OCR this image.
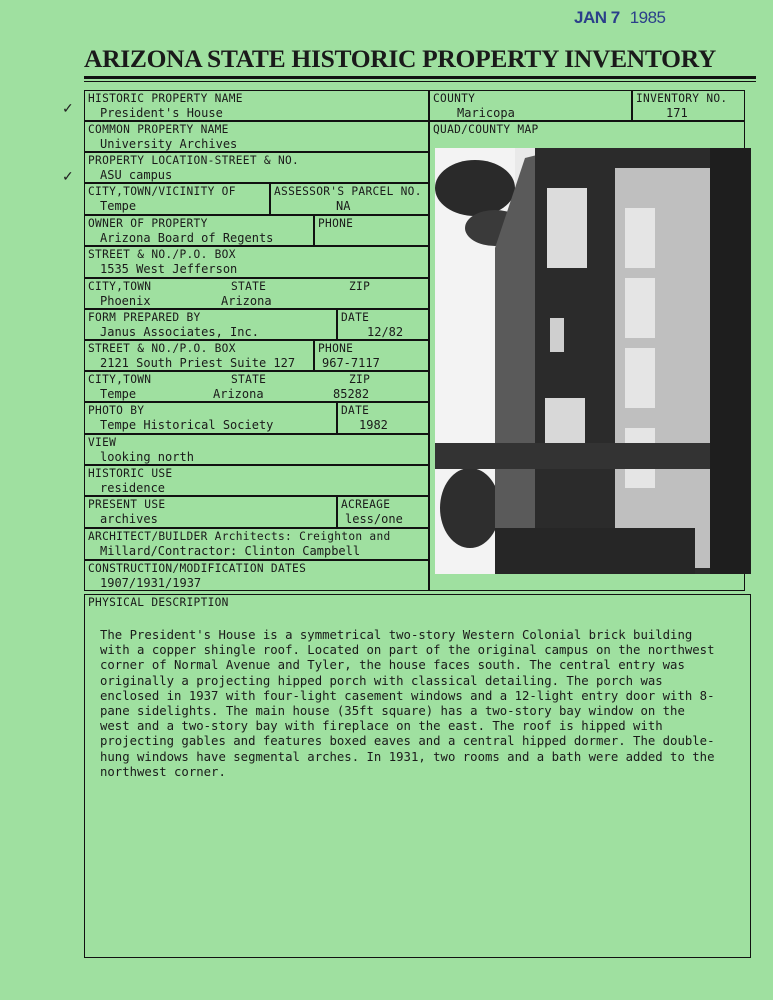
JAN 7 1985
ARIZONA STATE HISTORIC PROPERTY INVENTORY
✓
✓
HISTORIC PROPERTY NAME
President's House
COMMON PROPERTY NAME
University Archives
PROPERTY LOCATION-STREET & NO.
ASU campus
CITY,TOWN/VICINITY OF
Tempe
ASSESSOR'S PARCEL NO.
NA
OWNER OF PROPERTY
Arizona Board of Regents
PHONE
STREET & NO./P.O. BOX
1535 West Jefferson
CITY,TOWN	STATE	ZIP
Phoenix	Arizona
FORM PREPARED BY
Janus Associates, Inc.
DATE
12/82
STREET & NO./P.O. BOX
2121 South Priest Suite 127
PHONE
967-7117
CITY,TOWN	STATE	ZIP
Tempe	Arizona	85282
PHOTO BY
Tempe Historical Society
DATE
1982
VIEW
looking north
HISTORIC USE
residence
PRESENT USE
archives
ACREAGE
less/one
ARCHITECT/BUILDER Architects: Creighton and
Millard/Contractor: Clinton Campbell
CONSTRUCTION/MODIFICATION DATES
1907/1931/1937
COUNTY
Maricopa
INVENTORY NO.
171
QUAD/COUNTY MAP
PHYSICAL DESCRIPTION
The President's House is a symmetrical two-story Western Colonial brick building with a copper shingle roof. Located on part of the original campus on the northwest corner of Normal Avenue and Tyler, the house faces south. The central entry was originally a projecting hipped porch with classical detailing. The porch was enclosed in 1937 with four-light casement windows and a 12-light entry door with 8-pane sidelights. The main house (35ft square) has a two-story bay window on the west and a two-story bay with fireplace on the east. The roof is hipped with projecting gables and features boxed eaves and a central hipped dormer. The double-hung windows have segmental arches. In 1931, two rooms and a bath were added to the northwest corner.
